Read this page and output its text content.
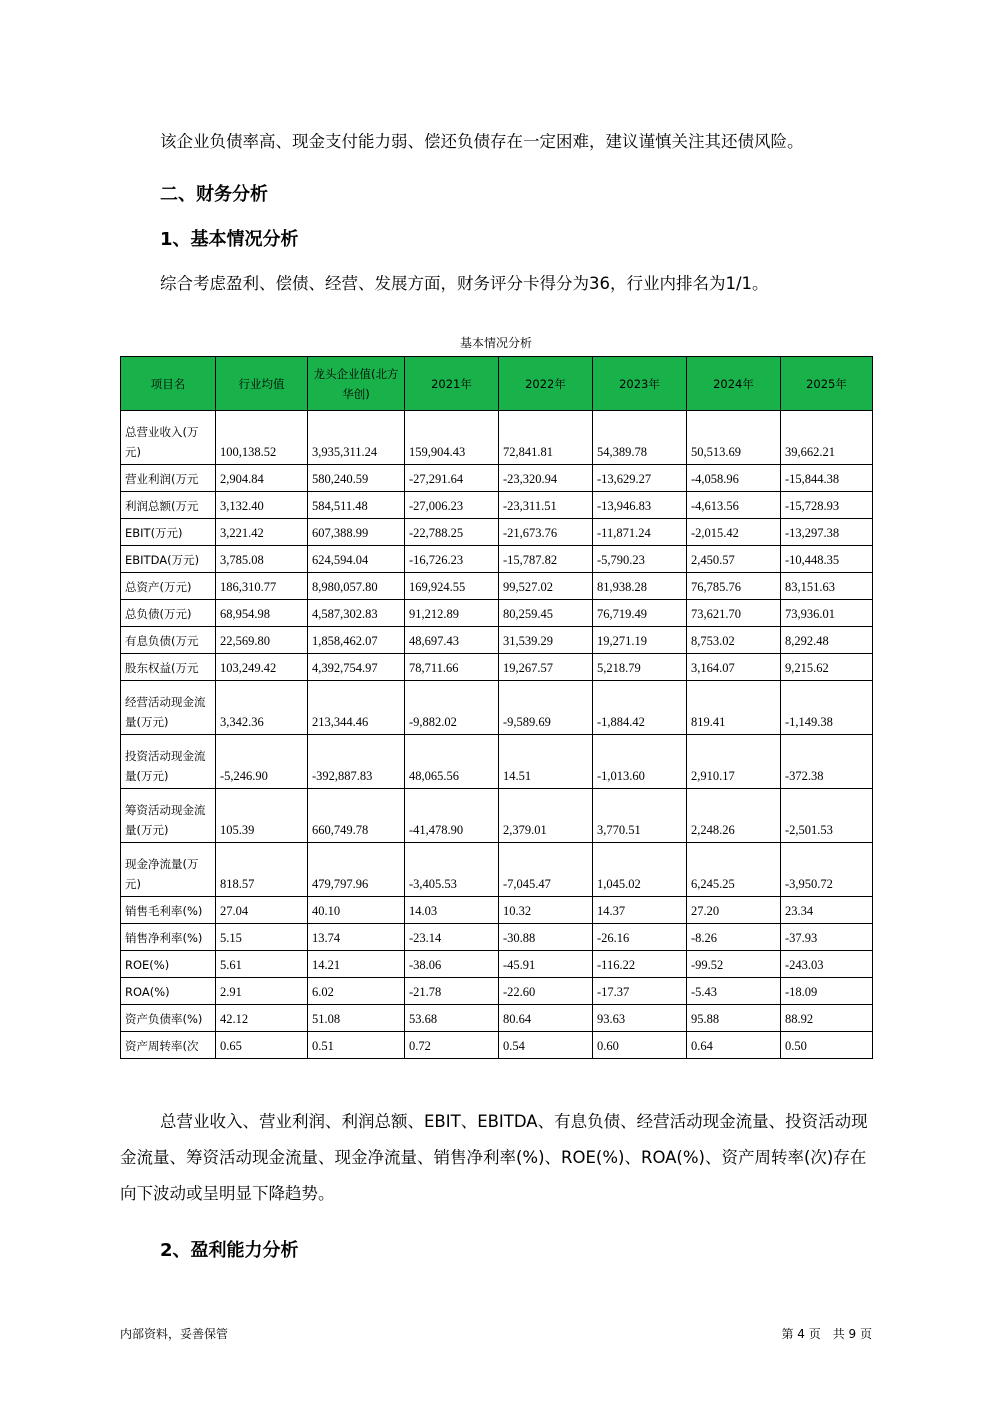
该企业负债率高、现金支付能力弱、偿还负债存在一定困难，建议谨慎关注其还债风险。

二、财务分析
1、基本情况分析

综合考虑盈利、偿债、经营、发展方面，财务评分卡得分为36，行业内排名为1/1。

基本情况分析
项目名	行业均值	龙头企业值(北方华创)	2021年	2022年	2023年	2024年	2025年
总营业收入(万元)	100,138.52	3,935,311.24	159,904.43	72,841.81	54,389.78	50,513.69	39,662.21
营业利润(万元	2,904.84	580,240.59	-27,291.64	-23,320.94	-13,629.27	-4,058.96	-15,844.38
利润总额(万元	3,132.40	584,511.48	-27,006.23	-23,311.51	-13,946.83	-4,613.56	-15,728.93
EBIT(万元)	3,221.42	607,388.99	-22,788.25	-21,673.76	-11,871.24	-2,015.42	-13,297.38
EBITDA(万元)	3,785.08	624,594.04	-16,726.23	-15,787.82	-5,790.23	2,450.57	-10,448.35
总资产(万元)	186,310.77	8,980,057.80	169,924.55	99,527.02	81,938.28	76,785.76	83,151.63
总负债(万元)	68,954.98	4,587,302.83	91,212.89	80,259.45	76,719.49	73,621.70	73,936.01
有息负债(万元	22,569.80	1,858,462.07	48,697.43	31,539.29	19,271.19	8,753.02	8,292.48
股东权益(万元	103,249.42	4,392,754.97	78,711.66	19,267.57	5,218.79	3,164.07	9,215.62
经营活动现金流量(万元)	3,342.36	213,344.46	-9,882.02	-9,589.69	-1,884.42	819.41	-1,149.38
投资活动现金流量(万元)	-5,246.90	-392,887.83	48,065.56	14.51	-1,013.60	2,910.17	-372.38
筹资活动现金流量(万元)	105.39	660,749.78	-41,478.90	2,379.01	3,770.51	2,248.26	-2,501.53
现金净流量(万元)	818.57	479,797.96	-3,405.53	-7,045.47	1,045.02	6,245.25	-3,950.72
销售毛利率(%)	27.04	40.10	14.03	10.32	14.37	27.20	23.34
销售净利率(%)	5.15	13.74	-23.14	-30.88	-26.16	-8.26	-37.93
ROE(%)	5.61	14.21	-38.06	-45.91	-116.22	-99.52	-243.03
ROA(%)	2.91	6.02	-21.78	-22.60	-17.37	-5.43	-18.09
资产负债率(%)	42.12	51.08	53.68	80.64	93.63	95.88	88.92
资产周转率(次	0.65	0.51	0.72	0.54	0.60	0.64	0.50

总营业收入、营业利润、利润总额、EBIT、EBITDA、有息负债、经营活动现金流量、投资活动现金流量、筹资活动现金流量、现金净流量、销售净利率(%)、ROE(%)、ROA(%)、资产周转率(次)存在向下波动或呈明显下降趋势。

2、盈利能力分析
内部资料，妥善保管	第 4 页　共 9 页
